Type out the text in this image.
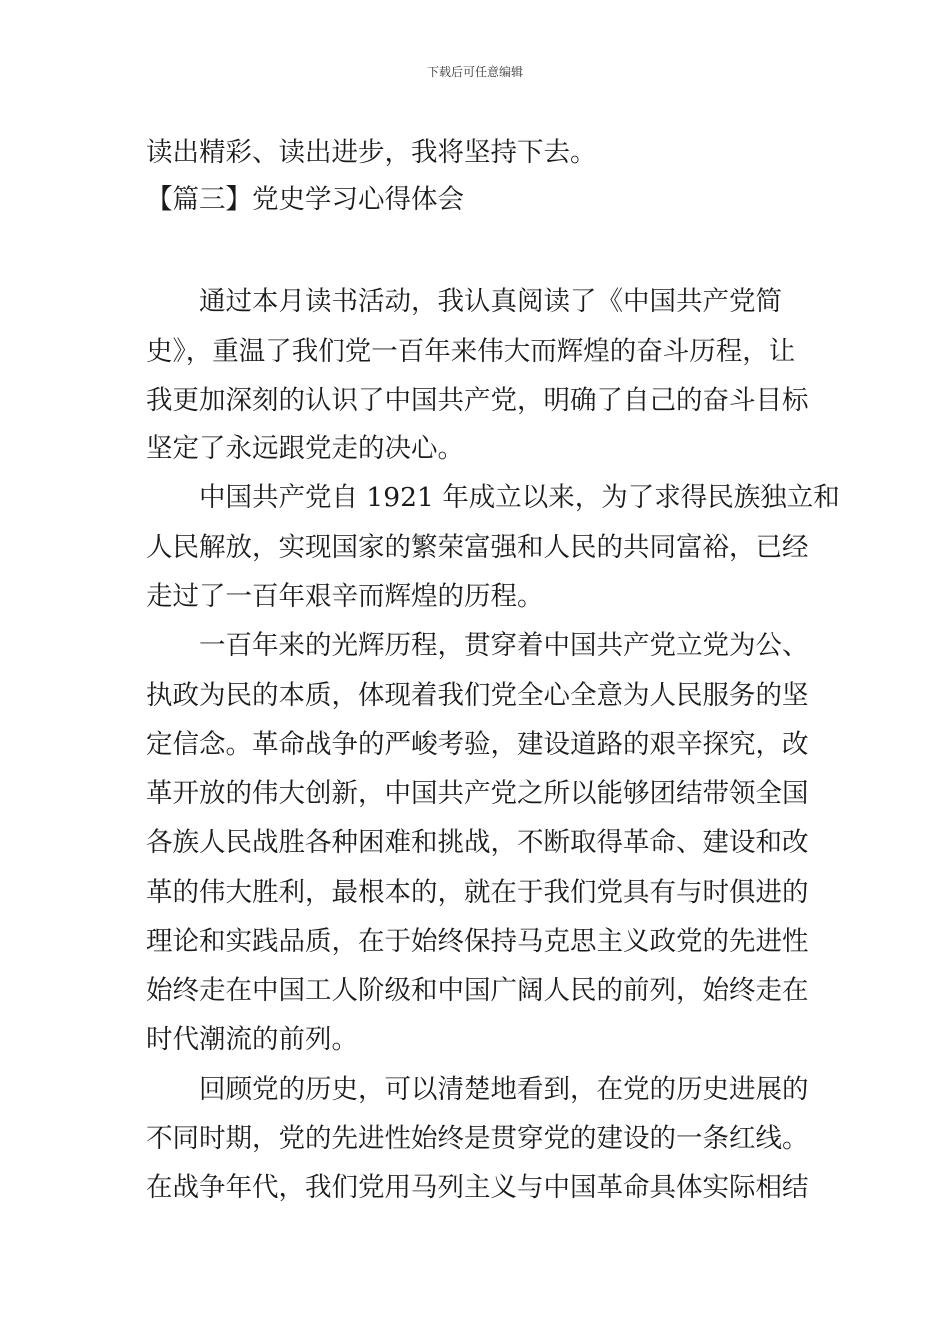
下载后可任意编辑
读出精彩、读出进步，我将坚持下去。
【篇三】党史学习心得体会
通过本月读书活动，我认真阅读了《中国共产党简
史》，重温了我们党一百年来伟大而辉煌的奋斗历程，让
我更加深刻的认识了中国共产党，明确了自己的奋斗目标
坚定了永远跟党走的决心。
中国共产党自 1921 年成立以来，为了求得民族独立和
人民解放，实现国家的繁荣富强和人民的共同富裕，已经
走过了一百年艰辛而辉煌的历程。
一百年来的光辉历程，贯穿着中国共产党立党为公、
执政为民的本质，体现着我们党全心全意为人民服务的坚
定信念。革命战争的严峻考验，建设道路的艰辛探究，改
革开放的伟大创新，中国共产党之所以能够团结带领全国
各族人民战胜各种困难和挑战，不断取得革命、建设和改
革的伟大胜利，最根本的，就在于我们党具有与时俱进的
理论和实践品质，在于始终保持马克思主义政党的先进性
始终走在中国工人阶级和中国广阔人民的前列，始终走在
时代潮流的前列。
回顾党的历史，可以清楚地看到，在党的历史进展的
不同时期，党的先进性始终是贯穿党的建设的一条红线。
在战争年代，我们党用马列主义与中国革命具体实际相结
